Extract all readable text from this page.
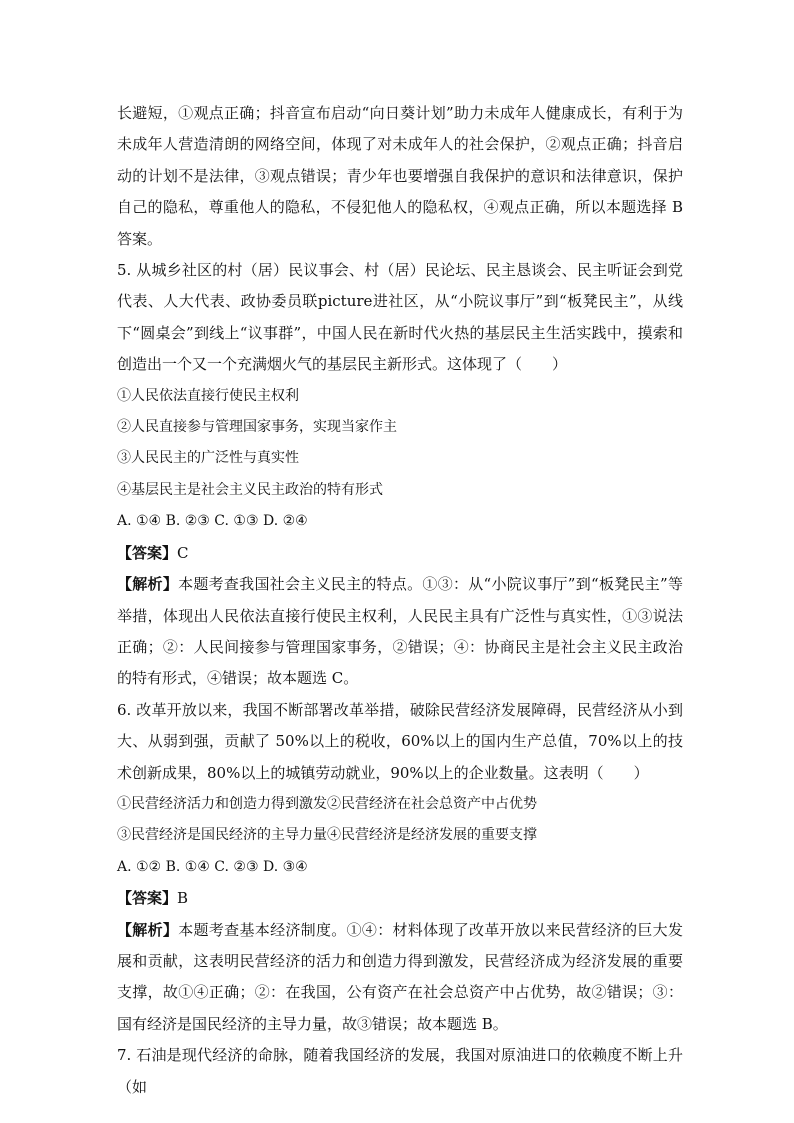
长避短，①观点正确；抖音宣布启动“向日葵计划”助力未成年人健康成长，有利于为未成年人营造清朗的网络空间，体现了对未成年人的社会保护，②观点正确；抖音启动的计划不是法律，③观点错误；青少年也要增强自我保护的意识和法律意识，保护自己的隐私，尊重他人的隐私，不侵犯他人的隐私权，④观点正确，所以本题选择 B 答案。

5. 从城乡社区的村（居）民议事会、村（居）民论坛、民主恳谈会、民主听证会到党代表、人大代表、政协委员联picture进社区，从“小院议事厅”到“板凳民主”，从线下“圆桌会”到线上“议事群”，中国人民在新时代火热的基层民主生活实践中，摸索和创造出一个又一个充满烟火气的基层民主新形式。这体现了（　　）

①人民依法直接行使民主权利

②人民直接参与管理国家事务，实现当家作主

③人民民主的广泛性与真实性

④基层民主是社会主义民主政治的特有形式

A. ①④ B. ②③ C. ①③ D. ②④

【答案】C

【解析】本题考查我国社会主义民主的特点。①③：从“小院议事厅”到“板凳民主”等举措，体现出人民依法直接行使民主权利，人民民主具有广泛性与真实性，①③说法正确；②：人民间接参与管理国家事务，②错误；④：协商民主是社会主义民主政治的特有形式，④错误；故本题选 C。

6. 改革开放以来，我国不断部署改革举措，破除民营经济发展障碍，民营经济从小到大、从弱到强，贡献了 50%以上的税收，60%以上的国内生产总值，70%以上的技术创新成果，80%以上的城镇劳动就业，90%以上的企业数量。这表明（　　）

①民营经济活力和创造力得到激发②民营经济在社会总资产中占优势

③民营经济是国民经济的主导力量④民营经济是经济发展的重要支撑

A. ①② B. ①④ C. ②③ D. ③④

【答案】B

【解析】本题考查基本经济制度。①④：材料体现了改革开放以来民营经济的巨大发展和贡献，这表明民营经济的活力和创造力得到激发，民营经济成为经济发展的重要支撑，故①④正确；②：在我国，公有资产在社会总资产中占优势，故②错误；③：国有经济是国民经济的主导力量，故③错误；故本题选 B。

7. 石油是现代经济的命脉，随着我国经济的发展，我国对原油进口的依赖度不断上升（如
